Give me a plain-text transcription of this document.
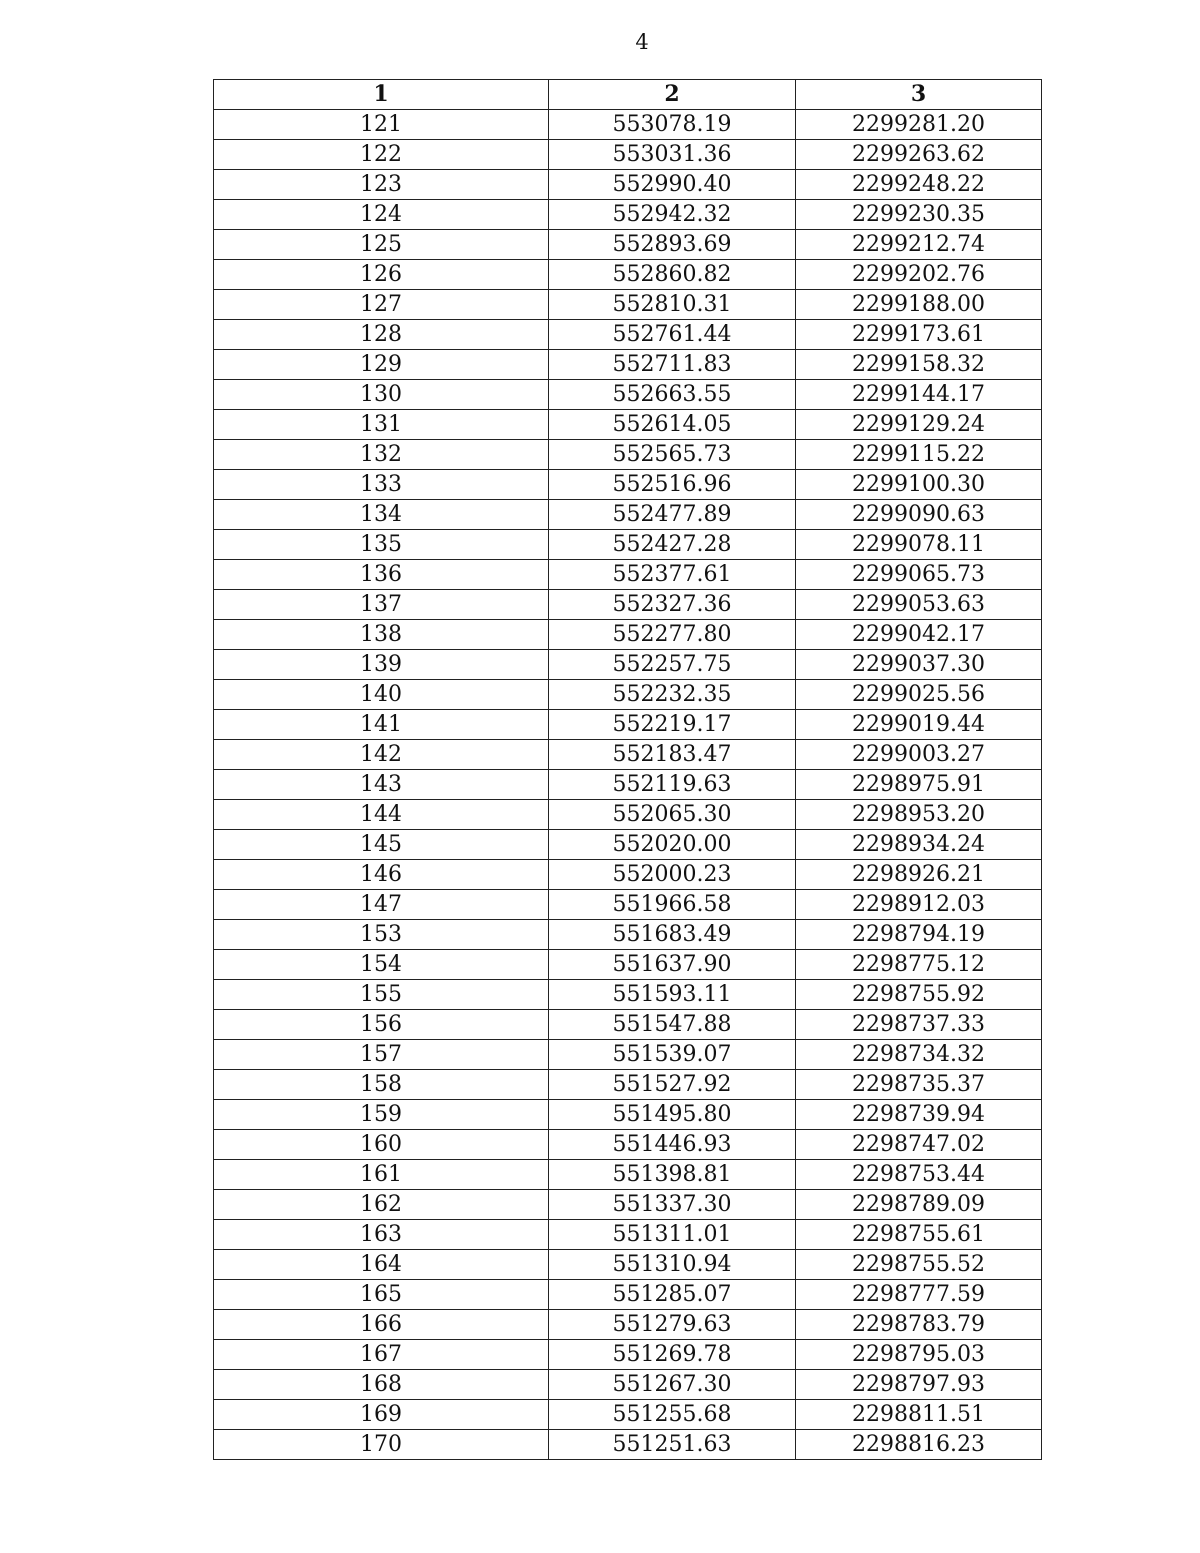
4
1	2	3
121	553078.19	2299281.20
122	553031.36	2299263.62
123	552990.40	2299248.22
124	552942.32	2299230.35
125	552893.69	2299212.74
126	552860.82	2299202.76
127	552810.31	2299188.00
128	552761.44	2299173.61
129	552711.83	2299158.32
130	552663.55	2299144.17
131	552614.05	2299129.24
132	552565.73	2299115.22
133	552516.96	2299100.30
134	552477.89	2299090.63
135	552427.28	2299078.11
136	552377.61	2299065.73
137	552327.36	2299053.63
138	552277.80	2299042.17
139	552257.75	2299037.30
140	552232.35	2299025.56
141	552219.17	2299019.44
142	552183.47	2299003.27
143	552119.63	2298975.91
144	552065.30	2298953.20
145	552020.00	2298934.24
146	552000.23	2298926.21
147	551966.58	2298912.03
153	551683.49	2298794.19
154	551637.90	2298775.12
155	551593.11	2298755.92
156	551547.88	2298737.33
157	551539.07	2298734.32
158	551527.92	2298735.37
159	551495.80	2298739.94
160	551446.93	2298747.02
161	551398.81	2298753.44
162	551337.30	2298789.09
163	551311.01	2298755.61
164	551310.94	2298755.52
165	551285.07	2298777.59
166	551279.63	2298783.79
167	551269.78	2298795.03
168	551267.30	2298797.93
169	551255.68	2298811.51
170	551251.63	2298816.23
